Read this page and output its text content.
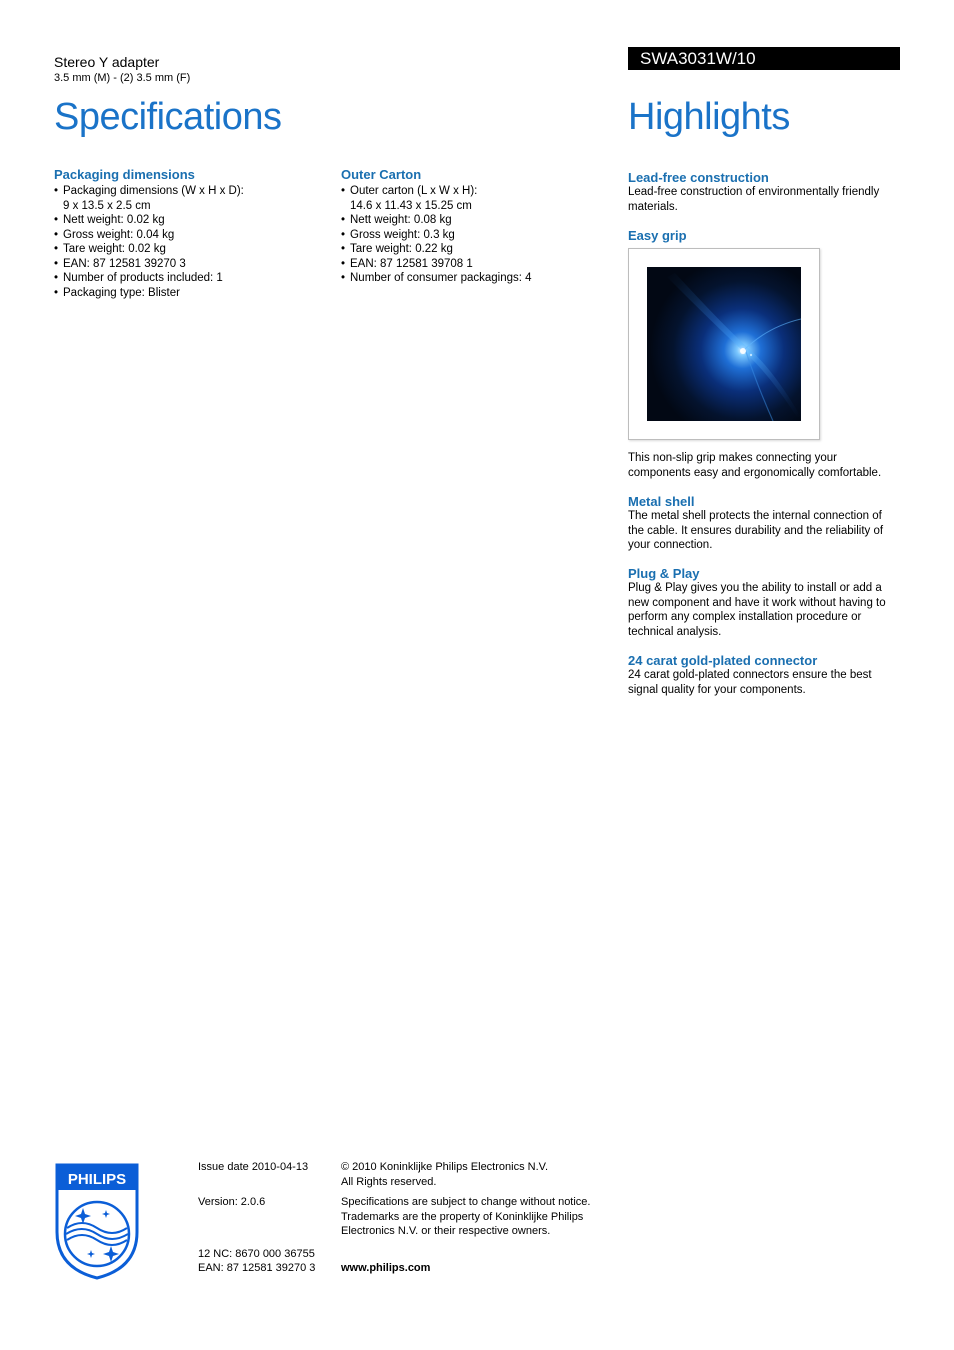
Stereo Y adapter
3.5 mm (M) - (2) 3.5 mm (F)
Specifications
SWA3031W/10
Highlights
Packaging dimensions
• Packaging dimensions (W x H x D):
9 x 13.5 x 2.5 cm
• Nett weight: 0.02 kg
• Gross weight: 0.04 kg
• Tare weight: 0.02 kg
• EAN: 87 12581 39270 3
• Number of products included: 1
• Packaging type: Blister
Outer Carton
• Outer carton (L x W x H):
14.6 x 11.43 x 15.25 cm
• Nett weight: 0.08 kg
• Gross weight: 0.3 kg
• Tare weight: 0.22 kg
• EAN: 87 12581 39708 1
• Number of consumer packagings: 4
Lead-free construction

Lead-free construction of environmentally friendly materials.

Easy grip

This non-slip grip makes connecting your components easy and ergonomically comfortable.

Metal shell

The metal shell protects the internal connection of the cable. It ensures durability and the reliability of your connection.

Plug & Play

Plug & Play gives you the ability to install or add a new component and have it work without having to perform any complex installation procedure or technical analysis.

24 carat gold-plated connector

24 carat gold-plated connectors ensure the best signal quality for your components.

PHILIPS
Issue date 2010-04-13
Version: 2.0.6
12 NC: 8670 000 36755
EAN: 87 12581 39270 3
© 2010 Koninklijke Philips Electronics N.V.
All Rights reserved.
Specifications are subject to change without notice.
Trademarks are the property of Koninklijke Philips
Electronics N.V. or their respective owners.
www.philips.com
